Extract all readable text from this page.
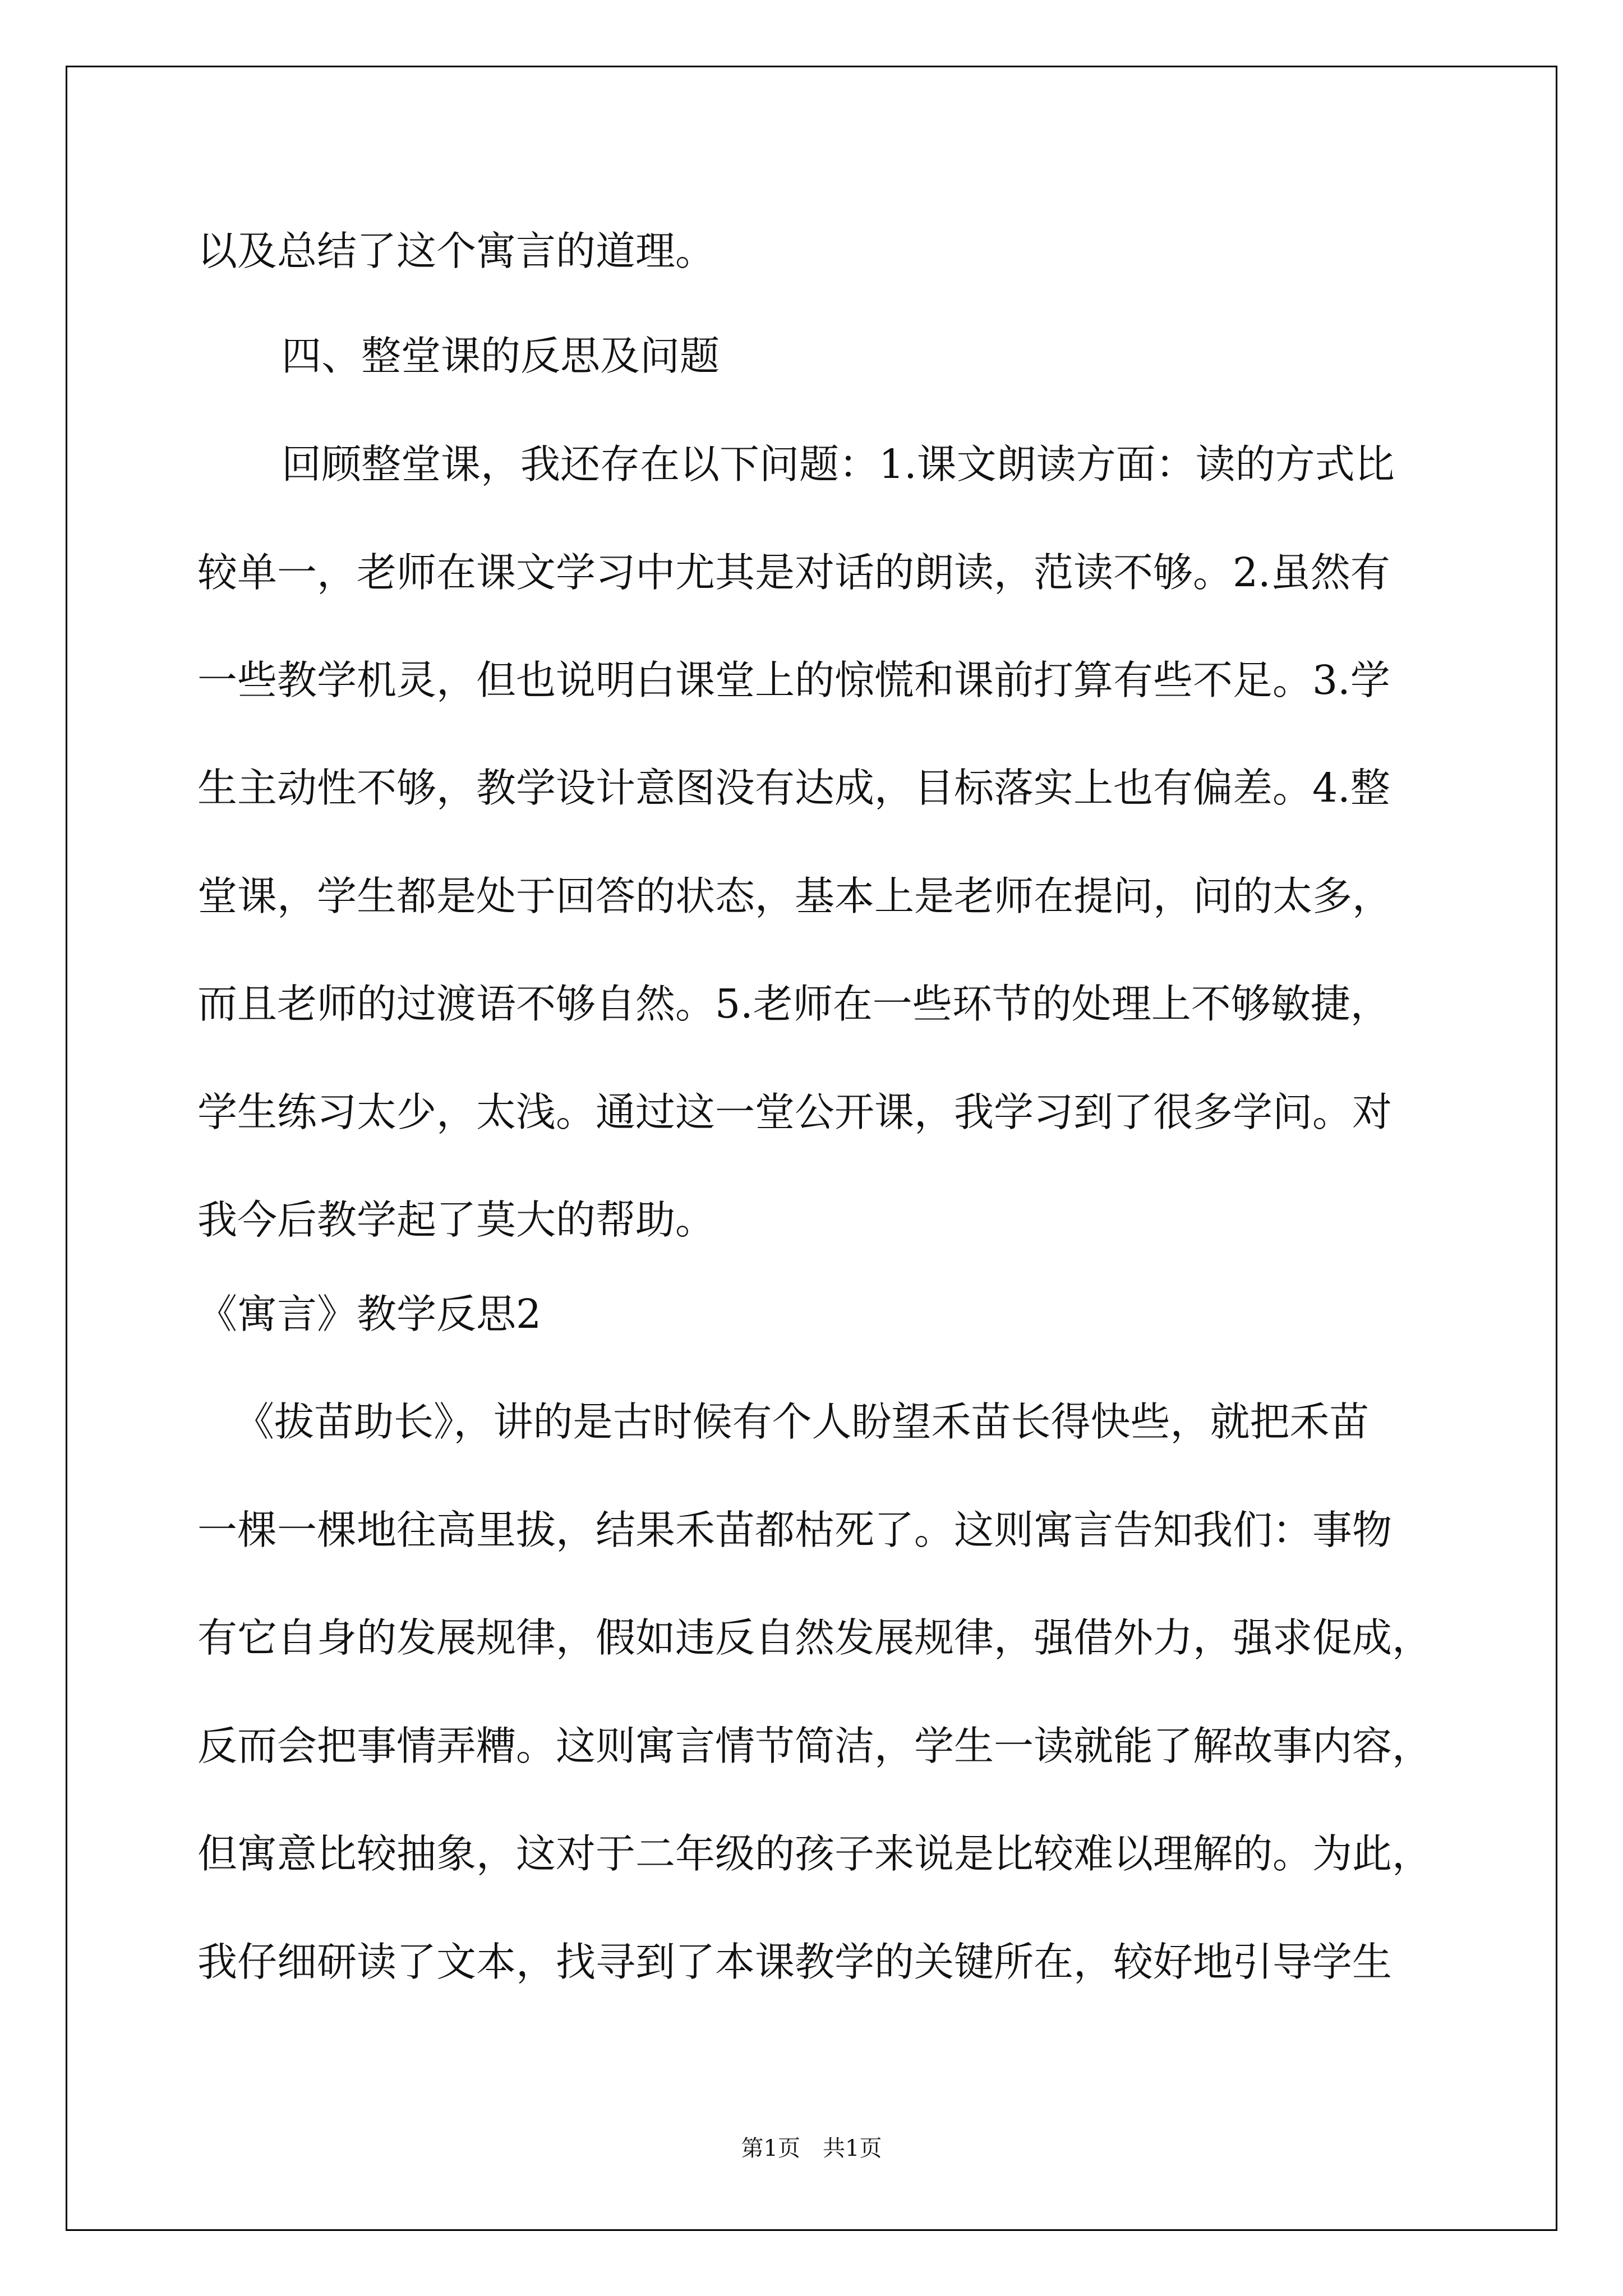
以及总结了这个寓言的道理。
四、整堂课的反思及问题
回顾整堂课，我还存在以下问题：1.课文朗读方面：读的方式比
较单一，老师在课文学习中尤其是对话的朗读，范读不够。2.虽然有
一些教学机灵，但也说明白课堂上的惊慌和课前打算有些不足。3.学
生主动性不够，教学设计意图没有达成，目标落实上也有偏差。4.整
堂课，学生都是处于回答的状态，基本上是老师在提问，问的太多，
而且老师的过渡语不够自然。5.老师在一些环节的处理上不够敏捷，
学生练习太少，太浅。通过这一堂公开课，我学习到了很多学问。对
我今后教学起了莫大的帮助。
《寓言》教学反思2
《拔苗助长》，讲的是古时候有个人盼望禾苗长得快些，就把禾苗
一棵一棵地往高里拔，结果禾苗都枯死了。这则寓言告知我们：事物
有它自身的发展规律，假如违反自然发展规律，强借外力，强求促成，
反而会把事情弄糟。这则寓言情节简洁，学生一读就能了解故事内容，
但寓意比较抽象，这对于二年级的孩子来说是比较难以理解的。为此，
我仔细研读了文本，找寻到了本课教学的关键所在，较好地引导学生
第1页　共1页
